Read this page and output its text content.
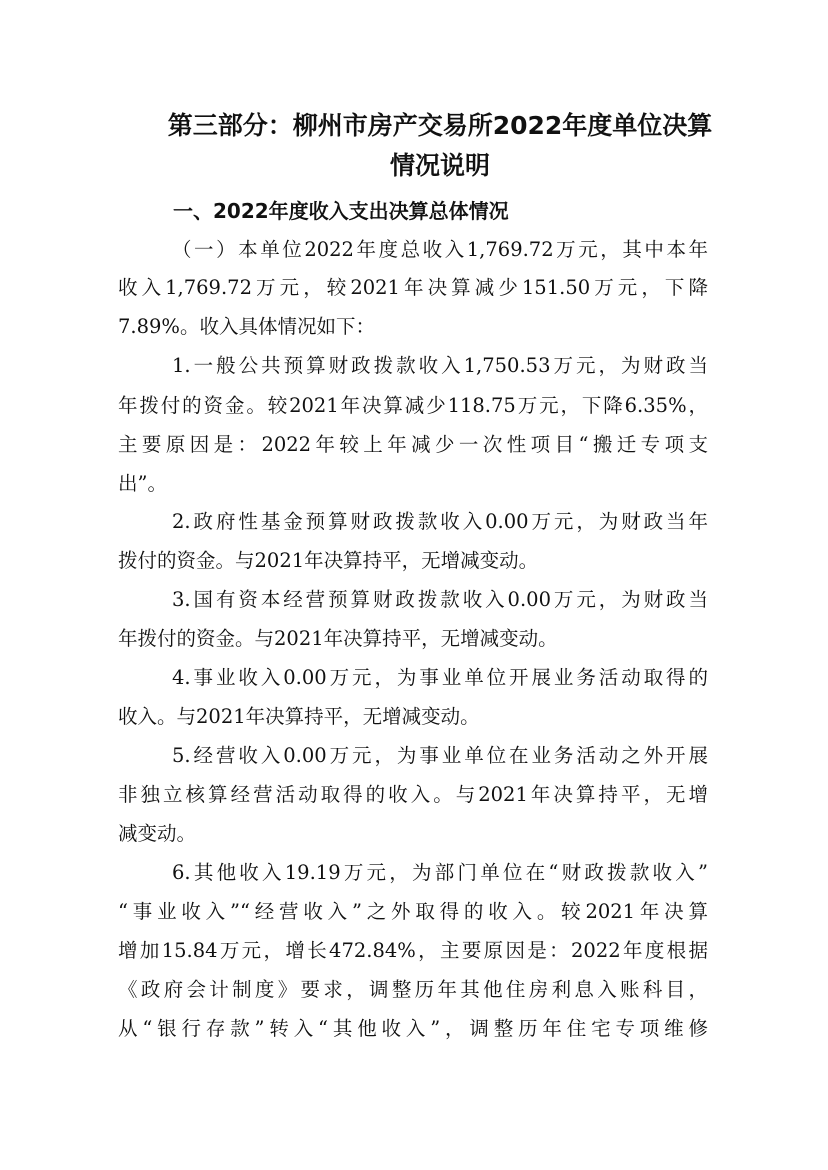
第三部分：柳州市房产交易所2022年度单位决算
情况说明
一、2022年度收入支出决算总体情况
（一）本单位2022年度总收入1,769.72万元，其中本年
收入1,769.72万元，较2021年决算减少151.50万元，下降
7.89%。收入具体情况如下：
1.一般公共预算财政拨款收入1,750.53万元，为财政当
年拨付的资金。较2021年决算减少118.75万元，下降6.35%，
主要原因是：2022年较上年减少一次性项目“搬迁专项支
出”。
2.政府性基金预算财政拨款收入0.00万元，为财政当年
拨付的资金。与2021年决算持平，无增减变动。
3.国有资本经营预算财政拨款收入0.00万元，为财政当
年拨付的资金。与2021年决算持平，无增减变动。
4.事业收入0.00万元，为事业单位开展业务活动取得的
收入。与2021年决算持平，无增减变动。
5.经营收入0.00万元，为事业单位在业务活动之外开展
非独立核算经营活动取得的收入。与2021年决算持平，无增
减变动。
6.其他收入19.19万元，为部门单位在“财政拨款收入”
“事业收入”“经营收入”之外取得的收入。较2021年决算
增加15.84万元，增长472.84%，主要原因是：2022年度根据
《政府会计制度》要求，调整历年其他住房利息入账科目，
从“银行存款”转入“其他收入”，调整历年住宅专项维修
